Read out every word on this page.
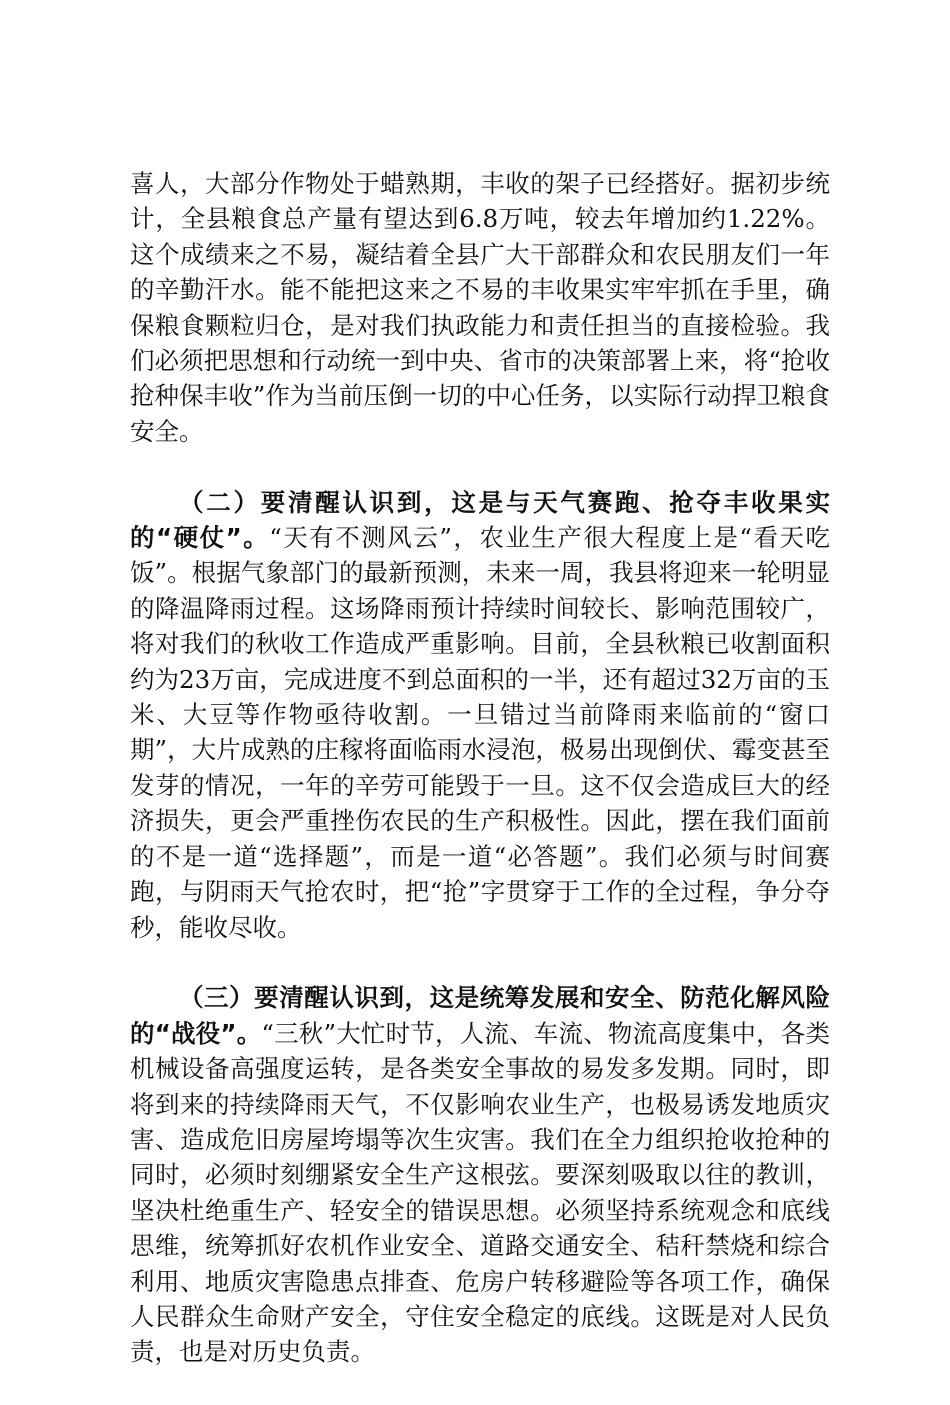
喜人，大部分作物处于蜡熟期，丰收的架子已经搭好。据初步统计，全县粮食总产量有望达到6.8万吨，较去年增加约1.22%。这个成绩来之不易，凝结着全县广大干部群众和农民朋友们一年的辛勤汗水。能不能把这来之不易的丰收果实牢牢抓在手里，确保粮食颗粒归仓，是对我们执政能力和责任担当的直接检验。我们必须把思想和行动统一到中央、省市的决策部署上来，将“抢收抢种保丰收”作为当前压倒一切的中心任务，以实际行动捍卫粮食安全。

（二）要清醒认识到，这是与天气赛跑、抢夺丰收果实的“硬仗”。“天有不测风云”，农业生产很大程度上是“看天吃饭”。根据气象部门的最新预测，未来一周，我县将迎来一轮明显的降温降雨过程。这场降雨预计持续时间较长、影响范围较广，将对我们的秋收工作造成严重影响。目前，全县秋粮已收割面积约为23万亩，完成进度不到总面积的一半，还有超过32万亩的玉米、大豆等作物亟待收割。一旦错过当前降雨来临前的“窗口期”，大片成熟的庄稼将面临雨水浸泡，极易出现倒伏、霉变甚至发芽的情况，一年的辛劳可能毁于一旦。这不仅会造成巨大的经济损失，更会严重挫伤农民的生产积极性。因此，摆在我们面前的不是一道“选择题”，而是一道“必答题”。我们必须与时间赛跑，与阴雨天气抢农时，把“抢”字贯穿于工作的全过程，争分夺秒，能收尽收。

（三）要清醒认识到，这是统筹发展和安全、防范化解风险的“战役”。“三秋”大忙时节，人流、车流、物流高度集中，各类机械设备高强度运转，是各类安全事故的易发多发期。同时，即将到来的持续降雨天气，不仅影响农业生产，也极易诱发地质灾害、造成危旧房屋垮塌等次生灾害。我们在全力组织抢收抢种的同时，必须时刻绷紧安全生产这根弦。要深刻吸取以往的教训，坚决杜绝重生产、轻安全的错误思想。必须坚持系统观念和底线思维，统筹抓好农机作业安全、道路交通安全、秸秆禁烧和综合利用、地质灾害隐患点排查、危房户转移避险等各项工作，确保人民群众生命财产安全，守住安全稳定的底线。这既是对人民负责，也是对历史负责。
